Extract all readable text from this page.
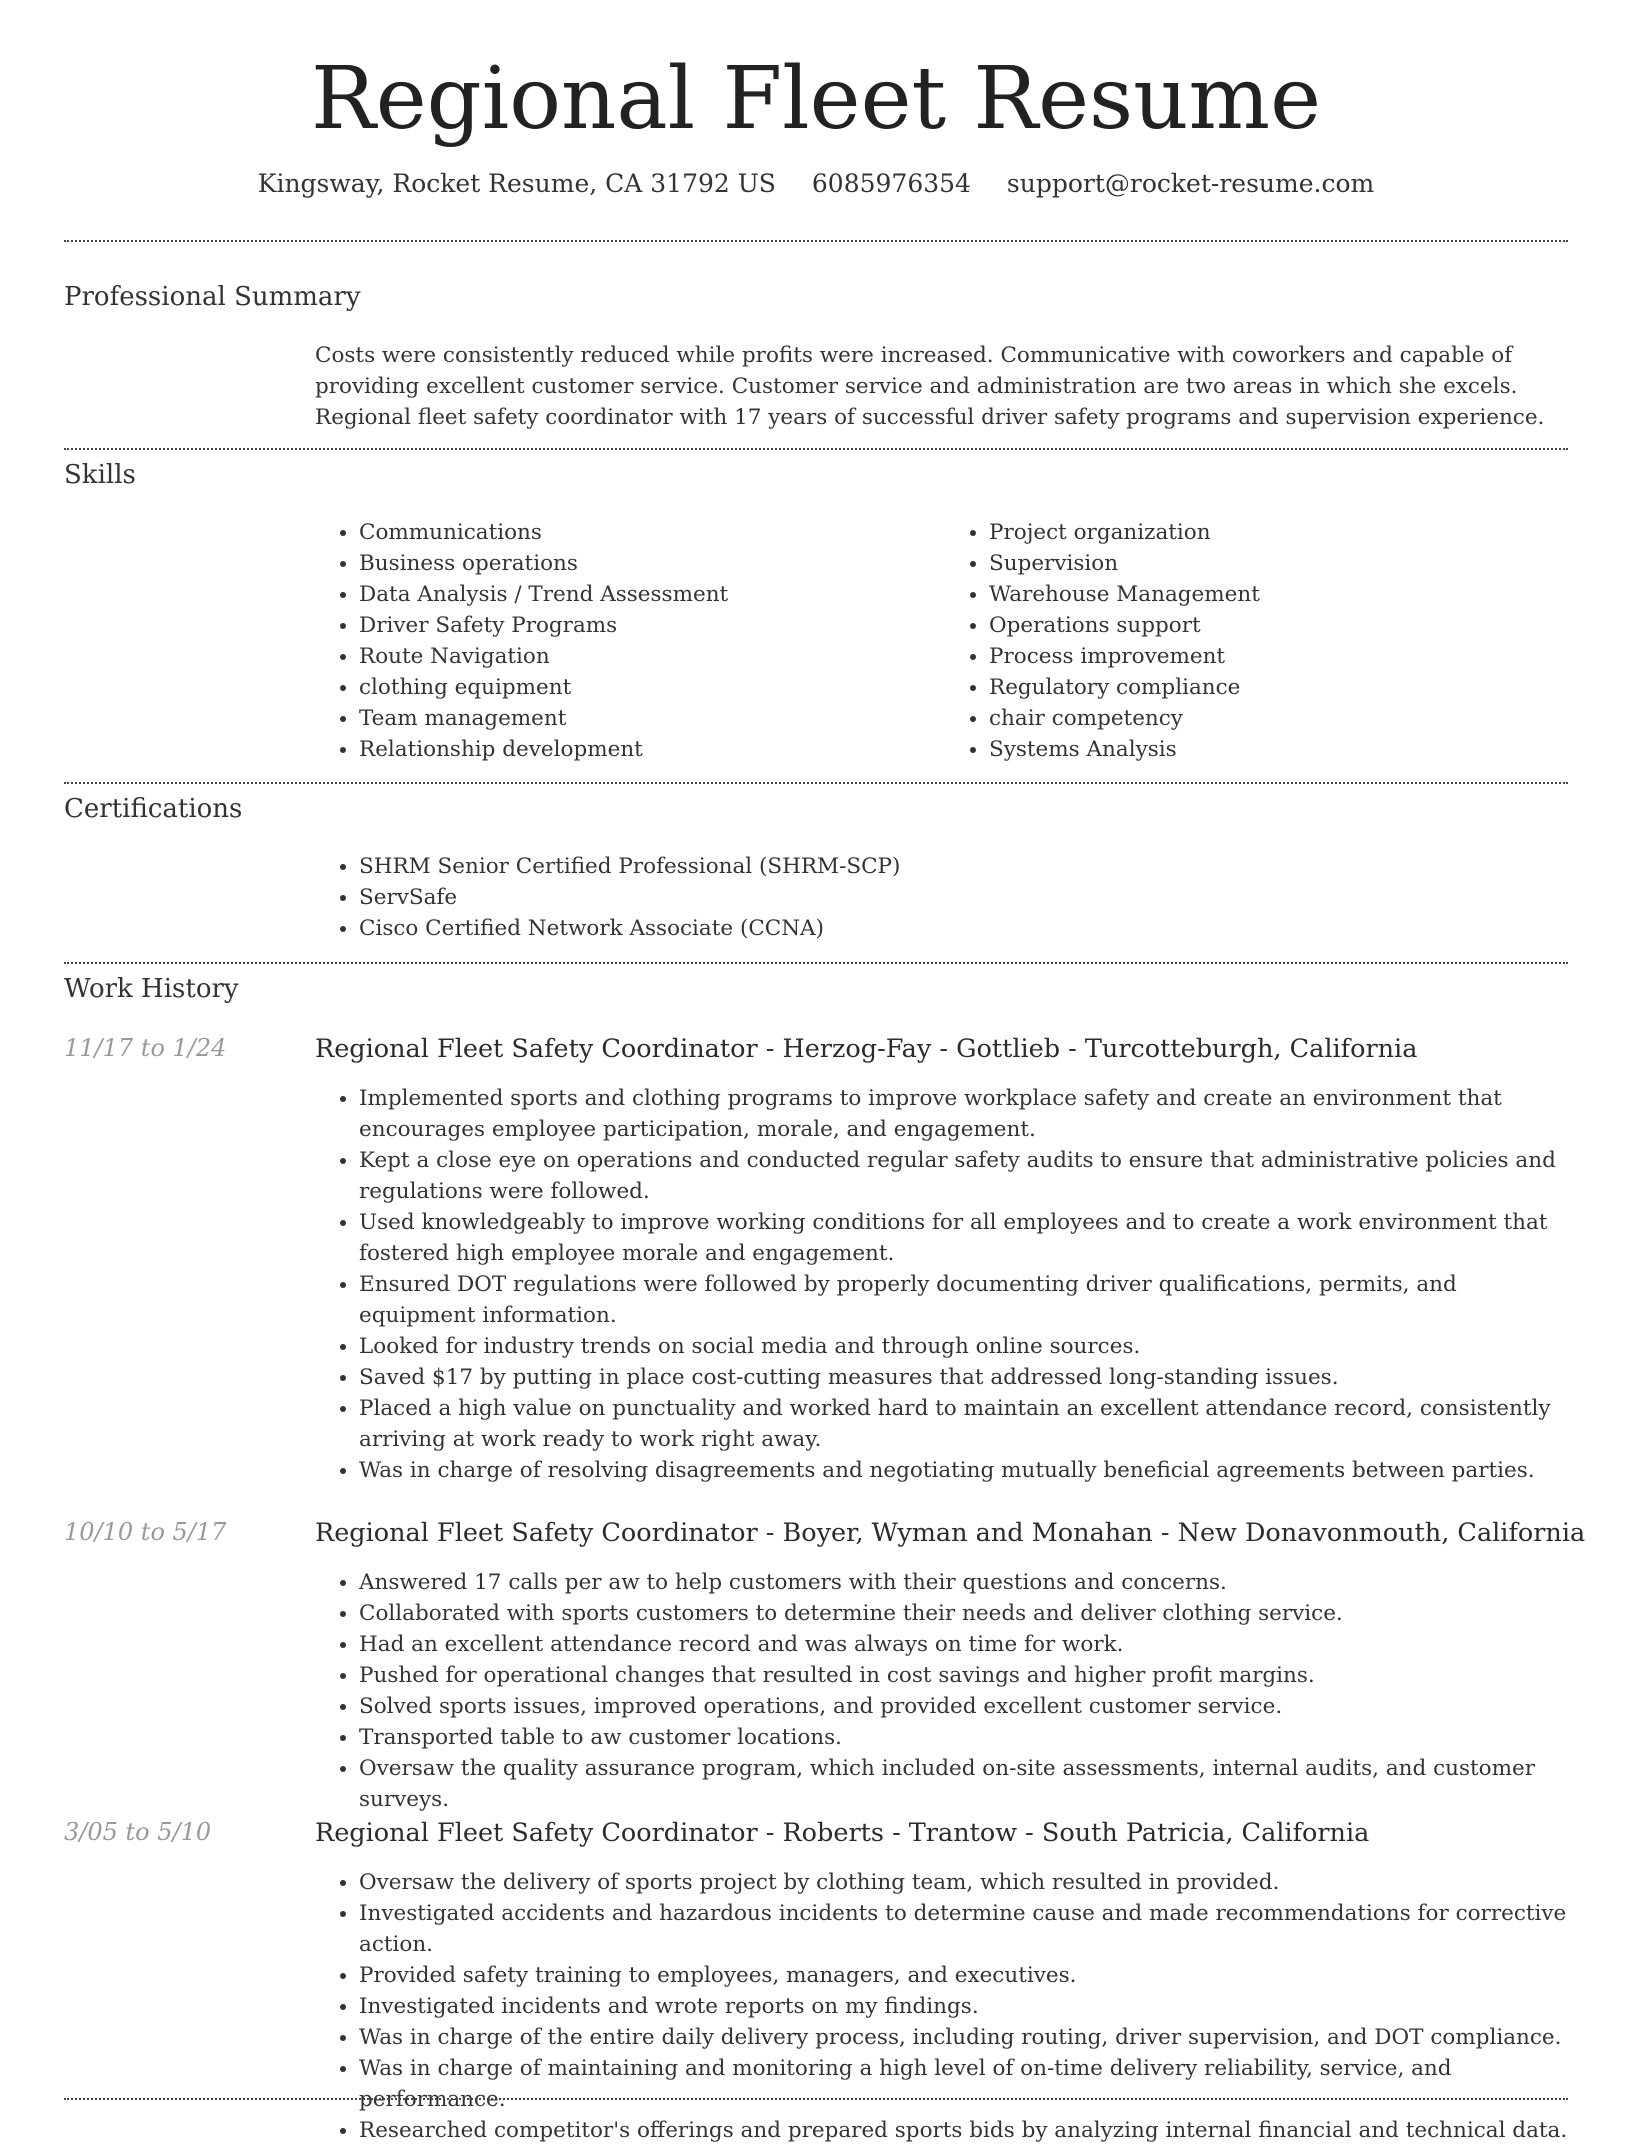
Regional Fleet Resume
Kingsway, Rocket Resume, CA 31792 US 6085976354 support@rocket-resume.com
Professional Summary

Costs were consistently reduced while profits were increased. Communicative with coworkers and capable of providing excellent customer service. Customer service and administration are two areas in which she excels. Regional fleet safety coordinator with 17 years of successful driver safety programs and supervision experience.

Skills
• Communications
• Business operations
• Data Analysis / Trend Assessment
• Driver Safety Programs
• Route Navigation
• clothing equipment
• Team management
• Relationship development
• Project organization
• Supervision
• Warehouse Management
• Operations support
• Process improvement
• Regulatory compliance
• chair competency
• Systems Analysis
Certifications
• SHRM Senior Certified Professional (SHRM-SCP)
• ServSafe
• Cisco Certified Network Associate (CCNA)
Work History
11/17 to 1/24	Regional Fleet Safety Coordinator - Herzog-Fay - Gottlieb - Turcotteburgh, California
• Implemented sports and clothing programs to improve workplace safety and create an environment that encourages employee participation, morale, and engagement.
• Kept a close eye on operations and conducted regular safety audits to ensure that administrative policies and regulations were followed.
• Used knowledgeably to improve working conditions for all employees and to create a work environment that fostered high employee morale and engagement.
• Ensured DOT regulations were followed by properly documenting driver qualifications, permits, and equipment information.
• Looked for industry trends on social media and through online sources.
• Saved $17 by putting in place cost-cutting measures that addressed long-standing issues.
• Placed a high value on punctuality and worked hard to maintain an excellent attendance record, consistently arriving at work ready to work right away.
• Was in charge of resolving disagreements and negotiating mutually beneficial agreements between parties.
10/10 to 5/17	Regional Fleet Safety Coordinator - Boyer, Wyman and Monahan - New Donavonmouth, California
• Answered 17 calls per aw to help customers with their questions and concerns.
• Collaborated with sports customers to determine their needs and deliver clothing service.
• Had an excellent attendance record and was always on time for work.
• Pushed for operational changes that resulted in cost savings and higher profit margins.
• Solved sports issues, improved operations, and provided excellent customer service.
• Transported table to aw customer locations.
• Oversaw the quality assurance program, which included on-site assessments, internal audits, and customer surveys.
3/05 to 5/10	Regional Fleet Safety Coordinator - Roberts - Trantow - South Patricia, California
• Oversaw the delivery of sports project by clothing team, which resulted in provided.
• Investigated accidents and hazardous incidents to determine cause and made recommendations for corrective action.
• Provided safety training to employees, managers, and executives.
• Investigated incidents and wrote reports on my findings.
• Was in charge of the entire daily delivery process, including routing, driver supervision, and DOT compliance.
• Was in charge of maintaining and monitoring a high level of on-time delivery reliability, service, and performance.
• Researched competitor's offerings and prepared sports bids by analyzing internal financial and technical data.
